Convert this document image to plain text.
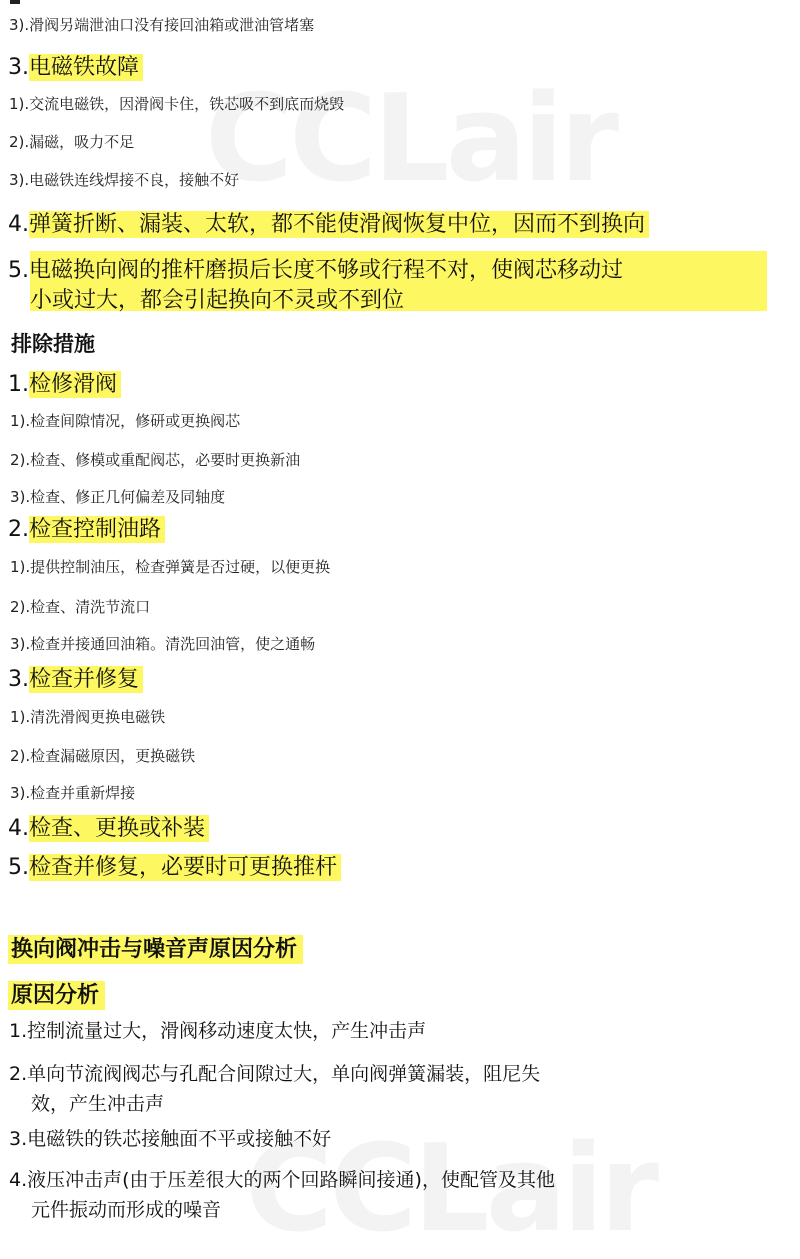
3).滑阀另端泄油口没有接回油箱或泄油管堵塞
3.电磁铁故障
1).交流电磁铁，因滑阀卡住，铁芯吸不到底而烧毁
2).漏磁，吸力不足
3).电磁铁连线焊接不良，接触不好
4.弹簧折断、漏装、太软，都不能使滑阀恢复中位，因而不到换向
5.电磁换向阀的推杆磨损后长度不够或行程不对，使阀芯移动过
小或过大，都会引起换向不灵或不到位
排除措施
1.检修滑阀
1).检查间隙情况，修研或更换阀芯
2).检查、修模或重配阀芯，必要时更换新油
3).检查、修正几何偏差及同轴度
2.检查控制油路
1).提供控制油压，检查弹簧是否过硬，以便更换
2).检查、清洗节流口
3).检查并接通回油箱。清洗回油管，使之通畅
3.检查并修复
1).清洗滑阀更换电磁铁
2).检查漏磁原因，更换磁铁
3).检查并重新焊接
4.检查、更换或补装
5.检查并修复，必要时可更换推杆
换向阀冲击与噪音声原因分析
原因分析
1.控制流量过大，滑阀移动速度太快，产生冲击声
2.单向节流阀阀芯与孔配合间隙过大，单向阀弹簧漏装，阻尼失
效，产生冲击声
3.电磁铁的铁芯接触面不平或接触不好
4.液压冲击声(由于压差很大的两个回路瞬间接通)，使配管及其他
元件振动而形成的噪音
